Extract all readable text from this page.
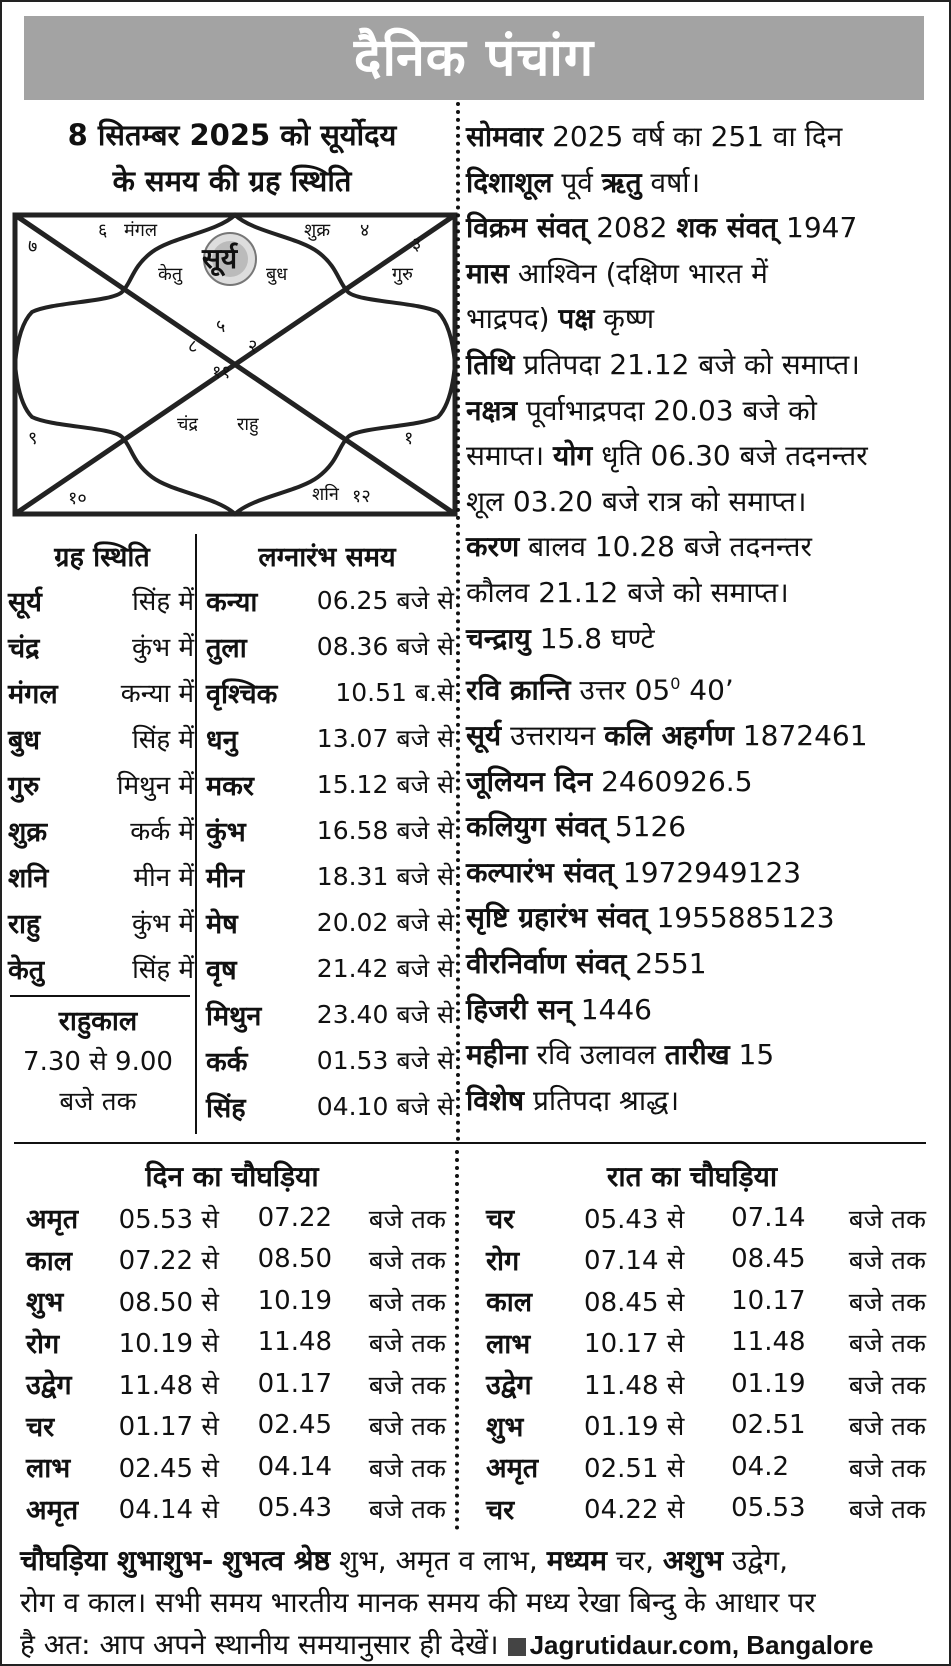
दैनिक पंचांग
8 सितम्बर 2025 को सूर्योदय
के समय की ग्रह स्थिति
६ मंगल	शुक्र ४
३
७
केतु सूर्य बुध	गुरु
५
८	२
११
चंद्र राहु
९	१
१०	शनि १२
ग्रह स्थिति
सूर्य	सिंह में
चंद्र	कुंभ में
मंगल कन्या में
बुध	सिंह में
गुरु	मिथुन में
शुक्र	कर्क में
शनि	मीन में
राहु	कुंभ में
केतु	सिंह में
राहुकाल
7.30 से 9.00
बजे तक
लग्नारंभ समय
कन्या	06.25 बजे से
तुला	08.36 बजे से
वृश्चिक	10.51 ब.से
धनु	13.07 बजे से
मकर	15.12 बजे से
कुंभ	16.58 बजे से
मीन	18.31 बजे से
मेष	20.02 बजे से
वृष	21.42 बजे से
मिथुन	23.40 बजे से
कर्क	01.53 बजे से
सिंह	04.10 बजे से

सोमवार 2025 वर्ष का 251 वा दिन

दिशाशूल पूर्व ऋतु वर्षा।

विक्रम संवत् 2082 शक संवत् 1947

मास आश्विन (दक्षिण भारत में

भाद्रपद) पक्ष कृष्ण

तिथि प्रतिपदा 21.12 बजे को समाप्त।

नक्षत्र पूर्वाभाद्रपदा 20.03 बजे को

समाप्त। योग धृति 06.30 बजे तदनन्तर

शूल 03.20 बजे रात्र को समाप्त।

करण बालव 10.28 बजे तदनन्तर

कौलव 21.12 बजे को समाप्त।

चन्द्रायु 15.8 घण्टे

रवि क्रान्ति उत्तर $05^0$ 40’

सूर्य उत्तरायन कलि अहर्गण 1872461

जूलियन दिन 2460926.5

कलियुग संवत् 5126

कल्पारंभ संवत् 1972949123

सृष्टि ग्रहारंभ संवत् 1955885123

वीरनिर्वाण संवत् 2551

हिजरी सन् 1446

महीना रवि उलावल तारीख 15

विशेष प्रतिपदा श्राद्ध।

दिन का चौघड़िया
अमृत	05.53 से	07.22	बजे तक
काल	07.22 से	08.50	बजे तक
शुभ	08.50 से	10.19	बजे तक
रोग	10.19 से	11.48	बजे तक
उद्वेग	11.48 से	01.17	बजे तक
चर	01.17 से	02.45	बजे तक
लाभ	02.45 से	04.14	बजे तक
अमृत	04.14 से	05.43	बजे तक
रात का चौघड़िया
चर	05.43 से	07.14	बजे तक
रोग	07.14 से	08.45	बजे तक
काल	08.45 से	10.17	बजे तक
लाभ	10.17 से	11.48	बजे तक
उद्वेग	11.48 से	01.19	बजे तक
शुभ	01.19 से	02.51	बजे तक
अमृत	02.51 से	04.2	बजे तक
चर	04.22 से	05.53	बजे तक
चौघड़िया शुभाशुभ- शुभत्व श्रेष्ठ शुभ, अमृत व लाभ, मध्यम चर, अशुभ उद्वेग,
रोग व काल। सभी समय भारतीय मानक समय की मध्य रेखा बिन्दु के आधार पर
है अत: आप अपने स्थानीय समयानुसार ही देखें। Jagrutidaur.com, Bangalore
